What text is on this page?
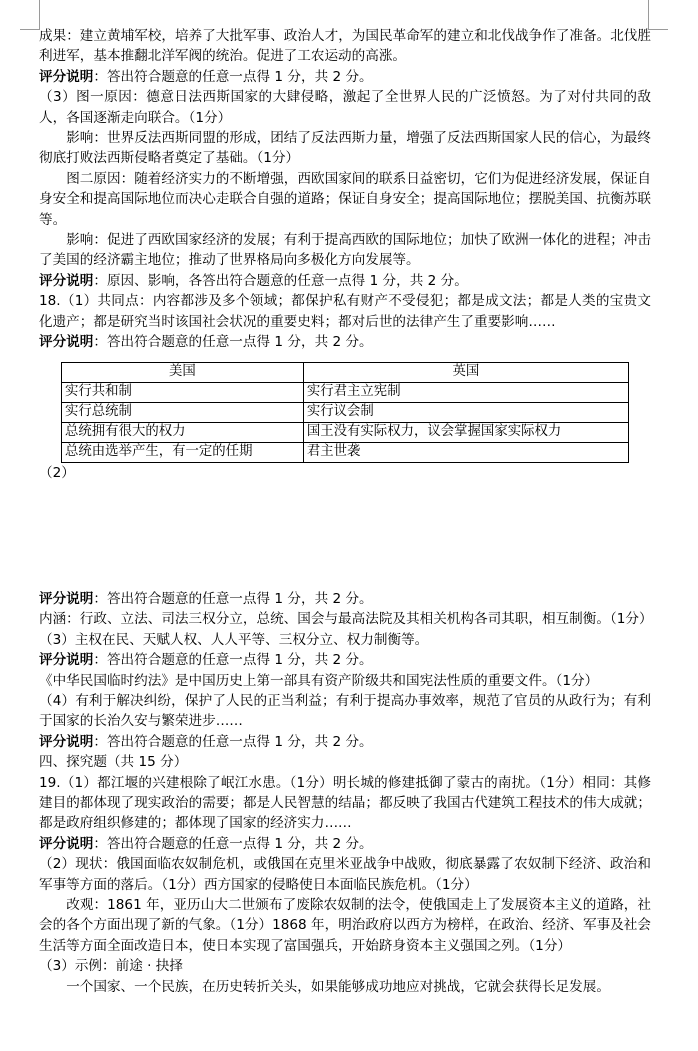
成果：建立黄埔军校，培养了大批军事、政治人才，为国民革命军的建立和北伐战争作了准备。北伐胜利进军，基本推翻北洋军阀的统治。促进了工农运动的高涨。

评分说明：答出符合题意的任意一点得 1 分，共 2 分。

（3）图一原因：德意日法西斯国家的大肆侵略，激起了全世界人民的广泛愤怒。为了对付共同的敌人，各国逐渐走向联合。（1分）

影响：世界反法西斯同盟的形成，团结了反法西斯力量，增强了反法西斯国家人民的信心，为最终彻底打败法西斯侵略者奠定了基础。（1分）

图二原因：随着经济实力的不断增强，西欧国家间的联系日益密切，它们为促进经济发展，保证自身安全和提高国际地位而决心走联合自强的道路；保证自身安全；提高国际地位；摆脱美国、抗衡苏联等。

影响：促进了西欧国家经济的发展；有利于提高西欧的国际地位；加快了欧洲一体化的进程；冲击了美国的经济霸主地位；推动了世界格局向多极化方向发展等。

评分说明：原因、影响，各答出符合题意的任意一点得 1 分，共 2 分。

18.（1）共同点：内容都涉及多个领域；都保护私有财产不受侵犯；都是成文法；都是人类的宝贵文化遗产；都是研究当时该国社会状况的重要史料；都对后世的法律产生了重要影响……

评分说明：答出符合题意的任意一点得 1 分，共 2 分。

美国	英国
实行共和制	实行君主立宪制
实行总统制	实行议会制
总统拥有很大的权力	国王没有实际权力，议会掌握国家实际权力
总统由选举产生，有一定的任期	君主世袭

（2）

评分说明：答出符合题意的任意一点得 1 分，共 2 分。

内涵：行政、立法、司法三权分立，总统、国会与最高法院及其相关机构各司其职，相互制衡。（1分）

（3）主权在民、天赋人权、人人平等、三权分立、权力制衡等。

评分说明：答出符合题意的任意一点得 1 分，共 2 分。

《中华民国临时约法》是中国历史上第一部具有资产阶级共和国宪法性质的重要文件。（1分）

（4）有利于解决纠纷，保护了人民的正当利益；有利于提高办事效率，规范了官员的从政行为；有利于国家的长治久安与繁荣进步……

评分说明：答出符合题意的任意一点得 1 分，共 2 分。

四、探究题（共 15 分）

19.（1）都江堰的兴建根除了岷江水患。（1分）明长城的修建抵御了蒙古的南扰。（1分）相同：其修建目的都体现了现实政治的需要；都是人民智慧的结晶；都反映了我国古代建筑工程技术的伟大成就；都是政府组织修建的；都体现了国家的经济实力……

评分说明：答出符合题意的任意一点得 1 分，共 2 分。

（2）现状：俄国面临农奴制危机，或俄国在克里米亚战争中战败，彻底暴露了农奴制下经济、政治和军事等方面的落后。（1分）西方国家的侵略使日本面临民族危机。（1分）

改观：1861 年，亚历山大二世颁布了废除农奴制的法令，使俄国走上了发展资本主义的道路，社会的各个方面出现了新的气象。（1分）1868 年，明治政府以西方为榜样，在政治、经济、军事及社会生活等方面全面改造日本，使日本实现了富国强兵，开始跻身资本主义强国之列。（1分）

（3）示例：前途 · 抉择

一个国家、一个民族，在历史转折关头，如果能够成功地应对挑战，它就会获得长足发展。
